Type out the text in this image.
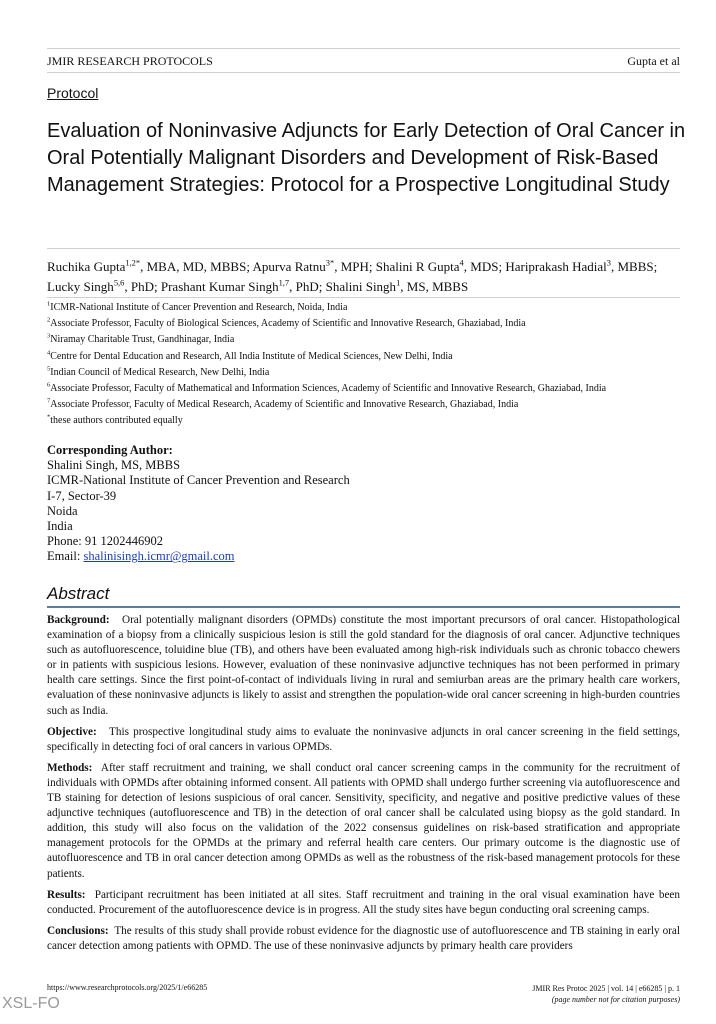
JMIR RESEARCH PROTOCOLS	Gupta et al
Protocol
Evaluation of Noninvasive Adjuncts for Early Detection of Oral Cancer in Oral Potentially Malignant Disorders and Development of Risk-Based Management Strategies: Protocol for a Prospective Longitudinal Study
Ruchika Gupta$^{1,2*}$, MBA, MD, MBBS; Apurva Ratnu$^{3*}$, MPH; Shalini R Gupta$^4$, MDS; Hariprakash Hadial$^3$, MBBS; Lucky Singh$^{5,6}$, PhD; Prashant Kumar Singh$^{1,7}$, PhD; Shalini Singh$^1$, MS, MBBS
$^1$ICMR-National Institute of Cancer Prevention and Research, Noida, India
$^2$Associate Professor, Faculty of Biological Sciences, Academy of Scientific and Innovative Research, Ghaziabad, India
$^3$Niramay Charitable Trust, Gandhinagar, India
$^4$Centre for Dental Education and Research, All India Institute of Medical Sciences, New Delhi, India
$^5$Indian Council of Medical Research, New Delhi, India
$^6$Associate Professor, Faculty of Mathematical and Information Sciences, Academy of Scientific and Innovative Research, Ghaziabad, India
$^7$Associate Professor, Faculty of Medical Research, Academy of Scientific and Innovative Research, Ghaziabad, India
*these authors contributed equally
Corresponding Author:
Shalini Singh, MS, MBBS
ICMR-National Institute of Cancer Prevention and Research
I-7, Sector-39
Noida
India
Phone: 91 1202446902
Email: shalinisingh.icmr@gmail.com
Abstract

Background: Oral potentially malignant disorders (OPMDs) constitute the most important precursors of oral cancer. Histopathological examination of a biopsy from a clinically suspicious lesion is still the gold standard for the diagnosis of oral cancer. Adjunctive techniques such as autofluorescence, toluidine blue (TB), and others have been evaluated among high-risk individuals such as chronic tobacco chewers or in patients with suspicious lesions. However, evaluation of these noninvasive adjunctive techniques has not been performed in primary health care settings. Since the first point-of-contact of individuals living in rural and semiurban areas are the primary health care workers, evaluation of these noninvasive adjuncts is likely to assist and strengthen the population-wide oral cancer screening in high-burden countries such as India.

Objective: This prospective longitudinal study aims to evaluate the noninvasive adjuncts in oral cancer screening in the field settings, specifically in detecting foci of oral cancers in various OPMDs.

Methods: After staff recruitment and training, we shall conduct oral cancer screening camps in the community for the recruitment of individuals with OPMDs after obtaining informed consent. All patients with OPMD shall undergo further screening via autofluorescence and TB staining for detection of lesions suspicious of oral cancer. Sensitivity, specificity, and negative and positive predictive values of these adjunctive techniques (autofluorescence and TB) in the detection of oral cancer shall be calculated using biopsy as the gold standard. In addition, this study will also focus on the validation of the 2022 consensus guidelines on risk-based stratification and appropriate management protocols for the OPMDs at the primary and referral health care centers. Our primary outcome is the diagnostic use of autofluorescence and TB in oral cancer detection among OPMDs as well as the robustness of the risk-based management protocols for these patients.

Results: Participant recruitment has been initiated at all sites. Staff recruitment and training in the oral visual examination have been conducted. Procurement of the autofluorescence device is in progress. All the study sites have begun conducting oral screening camps.

Conclusions: The results of this study shall provide robust evidence for the diagnostic use of autofluorescence and TB staining in early oral cancer detection among patients with OPMD. The use of these noninvasive adjuncts by primary health care providers

https://www.researchprotocols.org/2025/1/e66285	JMIR Res Protoc 2025 | vol. 14 | e66285 | p. 1
(page number not for citation purposes)
XSL-FO
